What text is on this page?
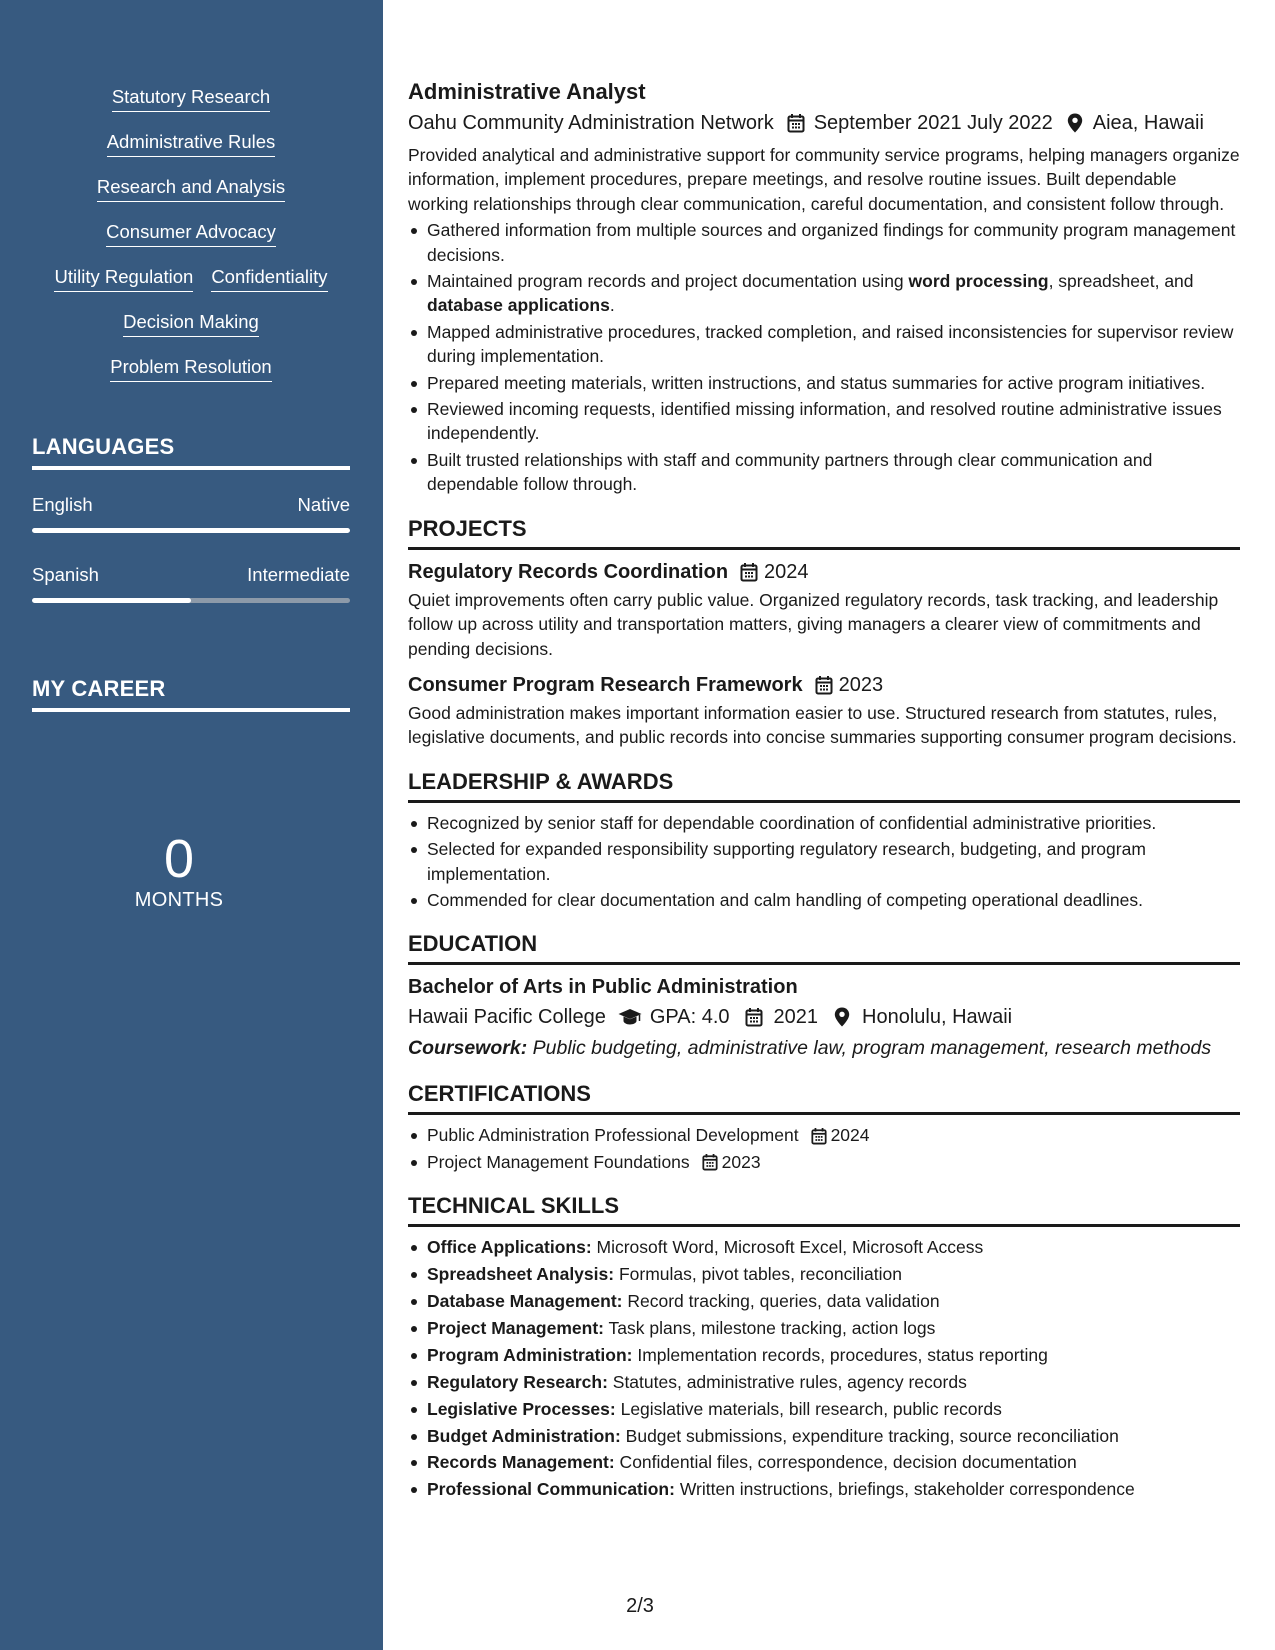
Statutory Research
Administrative Rules
Research and Analysis
Consumer Advocacy
Utility Regulation Confidentiality
Decision Making
Problem Resolution
LANGUAGES
English	Native
Spanish	Intermediate
MY CAREER
0
MONTHS
Administrative Analyst
Oahu Community Administration Network September 2021 July 2022 Aiea, Hawaii

Provided analytical and administrative support for community service programs, helping managers organize information, implement procedures, prepare meetings, and resolve routine issues. Built dependable working relationships through clear communication, careful documentation, and consistent follow through.

Gathered information from multiple sources and organized findings for community program management decisions.
Maintained program records and project documentation using word processing, spreadsheet, and database applications.
Mapped administrative procedures, tracked completion, and raised inconsistencies for supervisor review during implementation.
Prepared meeting materials, written instructions, and status summaries for active program initiatives.
Reviewed incoming requests, identified missing information, and resolved routine administrative issues independently.
Built trusted relationships with staff and community partners through clear communication and dependable follow through.
PROJECTS
Regulatory Records Coordination 2024

Quiet improvements often carry public value. Organized regulatory records, task tracking, and leadership follow up across utility and transportation matters, giving managers a clearer view of commitments and pending decisions.

Consumer Program Research Framework 2023

Good administration makes important information easier to use. Structured research from statutes, rules, legislative documents, and public records into concise summaries supporting consumer program decisions.

LEADERSHIP & AWARDS
Recognized by senior staff for dependable coordination of confidential administrative priorities.
Selected for expanded responsibility supporting regulatory research, budgeting, and program implementation.
Commended for clear documentation and calm handling of competing operational deadlines.
EDUCATION
Bachelor of Arts in Public Administration
Hawaii Pacific College GPA: 4.0 2021 Honolulu, Hawaii
Coursework: Public budgeting, administrative law, program management, research methods
CERTIFICATIONS
Public Administration Professional Development 2024
Project Management Foundations 2023
TECHNICAL SKILLS
Office Applications: Microsoft Word, Microsoft Excel, Microsoft Access
Spreadsheet Analysis: Formulas, pivot tables, reconciliation
Database Management: Record tracking, queries, data validation
Project Management: Task plans, milestone tracking, action logs
Program Administration: Implementation records, procedures, status reporting
Regulatory Research: Statutes, administrative rules, agency records
Legislative Processes: Legislative materials, bill research, public records
Budget Administration: Budget submissions, expenditure tracking, source reconciliation
Records Management: Confidential files, correspondence, decision documentation
Professional Communication: Written instructions, briefings, stakeholder correspondence
2/3
